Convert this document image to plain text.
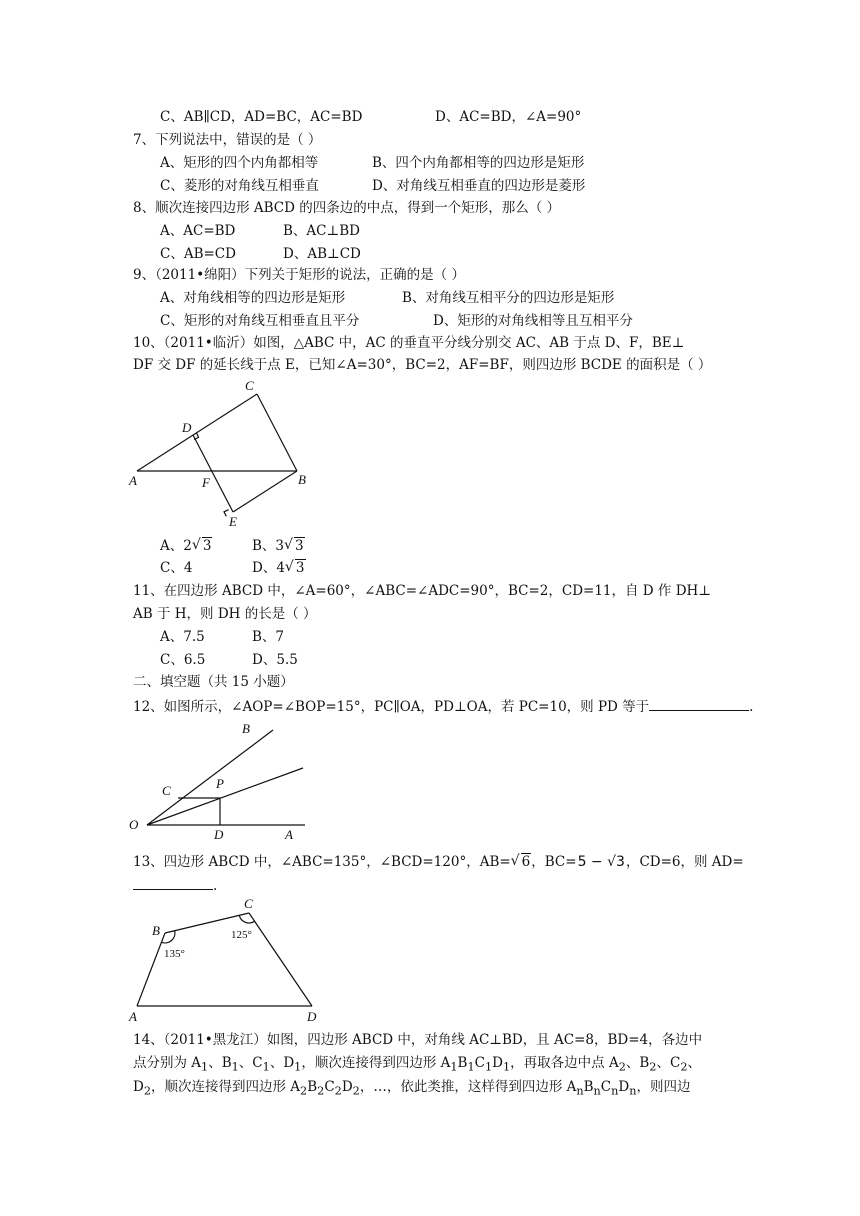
C、AB∥CD，AD=BC，AC=BD	D、AC=BD，∠A=90°
7、下列说法中，错误的是（ ）
A、矩形的四个内角都相等	B、四个内角都相等的四边形是矩形
C、菱形的对角线互相垂直	D、对角线互相垂直的四边形是菱形
8、顺次连接四边形 ABCD 的四条边的中点，得到一个矩形，那么（ ）
A、AC=BD	B、AC⊥BD
C、AB=CD	D、AB⊥CD
9、（2011•绵阳）下列关于矩形的说法，正确的是（ ）
A、对角线相等的四边形是矩形	B、对角线互相平分的四边形是矩形
C、矩形的对角线互相垂直且平分	D、矩形的对角线相等且互相平分
10、（2011•临沂）如图，△ABC 中，AC 的垂直平分线分别交 AC、AB 于点 D、F，BE⊥
DF 交 DF 的延长线于点 E，已知∠A=30°，BC=2，AF=BF，则四边形 BCDE 的面积是（ ）
C
D
A	F	B
E
A、2 √ 3	B、3 √ 3
C、4	D、4 √ 3
11、在四边形 ABCD 中，∠A=60°，∠ABC=∠ADC=90°，BC=2，CD=11，自 D 作 DH⊥
AB 于 H，则 DH 的长是（ ）
A、7.5	B、7
C、6.5	D、5.5
二、填空题（共 15 小题）
12、如图所示，∠AOP=∠BOP=15°，PC∥OA，PD⊥OA，若 PC=10，则 PD 等于	.
B
P
C
O
D	A
13、四边形 ABCD 中，∠ABC=135°，∠BCD=120°，AB= √ 6，BC=5 − √3，CD=6，则 AD=
.
C
B
A	D
125°
135°
14、（2011•黑龙江）如图，四边形 ABCD 中，对角线 AC⊥BD，且 AC=8，BD=4，各边中
点分别为 $A_1$、$B_1$、$C_1$、$D_1$，顺次连接得到四边形 $A_1B_1C_1D_1$，再取各边中点 $A_2$、$B_2$、$C_2$、
$D_2$，顺次连接得到四边形 $A_2B_2C_2D_2$，…，依此类推，这样得到四边形 $A_nB_nC_nD_n$，则四边
